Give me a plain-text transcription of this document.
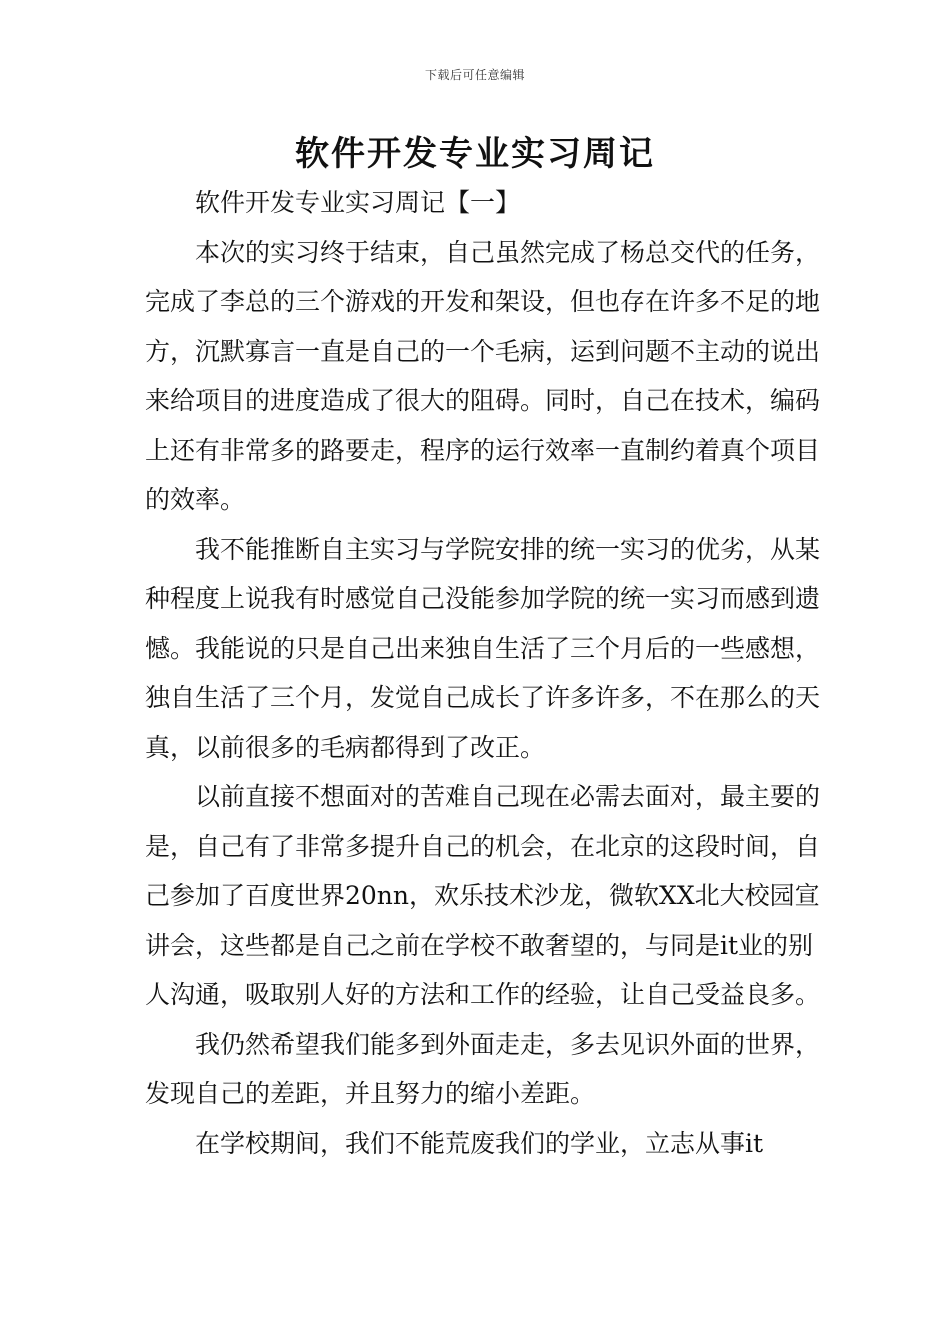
下载后可任意编辑
软件开发专业实习周记

软件开发专业实习周记【一】

本次的实习终于结束，自己虽然完成了杨总交代的任务，完成了李总的三个游戏的开发和架设，但也存在许多不足的地方，沉默寡言一直是自己的一个毛病，运到问题不主动的说出来给项目的进度造成了很大的阻碍。同时，自己在技术，编码上还有非常多的路要走，程序的运行效率一直制约着真个项目的效率。

我不能推断自主实习与学院安排的统一实习的优劣，从某种程度上说我有时感觉自己没能参加学院的统一实习而感到遗憾。我能说的只是自己出来独自生活了三个月后的一些感想，独自生活了三个月，发觉自己成长了许多许多，不在那么的天真，以前很多的毛病都得到了改正。

以前直接不想面对的苦难自己现在必需去面对，最主要的是，自己有了非常多提升自己的机会，在北京的这段时间，自己参加了百度世界20nn，欢乐技术沙龙，微软XX北大校园宣讲会，这些都是自己之前在学校不敢奢望的，与同是it业的别人沟通，吸取别人好的方法和工作的经验，让自己受益良多。

我仍然希望我们能多到外面走走，多去见识外面的世界，发现自己的差距，并且努力的缩小差距。

在学校期间，我们不能荒废我们的学业，立志从事it
